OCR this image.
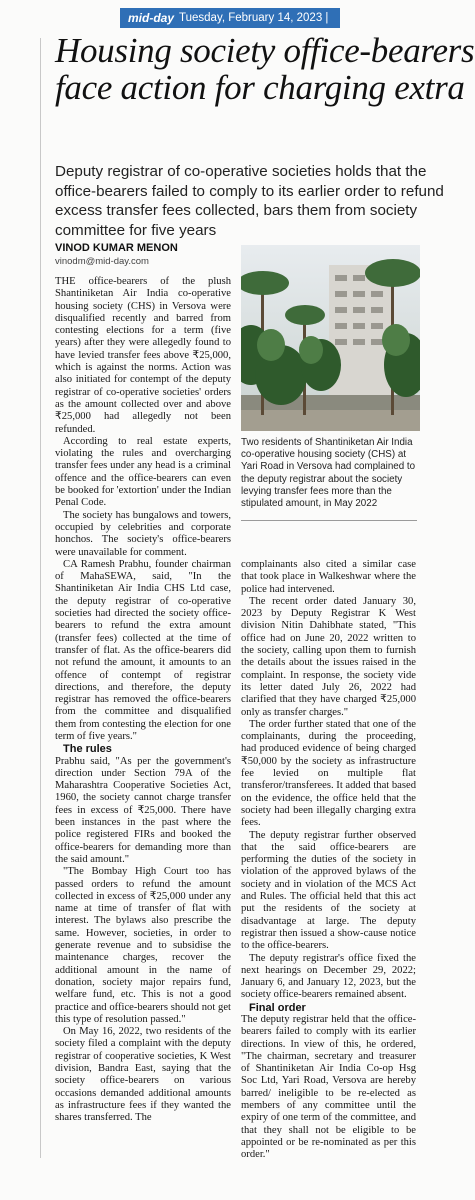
mid-day Tuesday, February 14, 2023 |
Housing society office-bearers face action for charging extra

Deputy registrar of co-operative societies holds that the office-bearers failed to comply to its earlier order to refund excess transfer fees collected, bars them from society committee for five years

VINOD KUMAR MENON
vinodm@mid-day.com

THE office-bearers of the plush Shantiniketan Air India co-operative housing society (CHS) in Versova were disqualified recently and barred from contesting elections for a term (five years) after they were allegedly found to have levied transfer fees above ₹25,000, which is against the norms. Action was also initiated for contempt of the deputy registrar of co-operative societies' orders as the amount collected over and above ₹25,000 had allegedly not been refunded.

According to real estate experts, violating the rules and overcharging transfer fees under any head is a criminal offence and the office-bearers can even be booked for 'extortion' under the Indian Penal Code.

The society has bungalows and towers, occupied by celebrities and corporate honchos. The society's office-bearers were unavailable for comment.

CA Ramesh Prabhu, founder chairman of MahaSEWA, said, "In the Shantiniketan Air India CHS Ltd case, the deputy registrar of co-operative societies had directed the society office-bearers to refund the extra amount (transfer fees) collected at the time of transfer of flat. As the office-bearers did not refund the amount, it amounts to an offence of contempt of registrar directions, and therefore, the deputy registrar has removed the office-bearers from the committee and disqualified them from contesting the election for one term of five years."

The rules

Prabhu said, "As per the government's direction under Section 79A of the Maharashtra Cooperative Societies Act, 1960, the society cannot charge transfer fees in excess of ₹25,000. There have been instances in the past where the police registered FIRs and booked the office-bearers for demanding more than the said amount."

"The Bombay High Court too has passed orders to refund the amount collected in excess of ₹25,000 under any name at time of transfer of flat with interest. The bylaws also prescribe the same. However, societies, in order to generate revenue and to subsidise the maintenance charges, recover the additional amount in the name of donation, society major repairs fund, welfare fund, etc. This is not a good practice and office-bearers should not get this type of resolution passed."

On May 16, 2022, two residents of the society filed a complaint with the deputy registrar of cooperative societies, K West division, Bandra East, saying that the society office-bearers on various occasions demanded additional amounts as infrastructure fees if they wanted the shares transferred. The

Two residents of Shantiniketan Air India co-operative housing society (CHS) at Yari Road in Versova had complained to the deputy registrar about the society levying transfer fees more than the stipulated amount, in May 2022

complainants also cited a similar case that took place in Walkeshwar where the police had intervened.

The recent order dated January 30, 2023 by Deputy Registrar K West division Nitin Dahibhate stated, "This office had on June 20, 2022 written to the society, calling upon them to furnish the details about the issues raised in the complaint. In response, the society vide its letter dated July 26, 2022 had clarified that they have charged ₹25,000 only as transfer charges."

The order further stated that one of the complainants, during the proceeding, had produced evidence of being charged ₹50,000 by the society as infrastructure fee levied on multiple flat transferor/transferees. It added that based on the evidence, the office held that the society had been illegally charging extra fees.

The deputy registrar further observed that the said office-bearers are performing the duties of the society in violation of the approved bylaws of the society and in violation of the MCS Act and Rules. The official held that this act put the residents of the society at disadvantage at large. The deputy registrar then issued a show-cause notice to the office-bearers.

The deputy registrar's office fixed the next hearings on December 29, 2022; January 6, and January 12, 2023, but the society office-bearers remained absent.

Final order

The deputy registrar held that the office-bearers failed to comply with its earlier directions. In view of this, he ordered, "The chairman, secretary and treasurer of Shantiniketan Air India Co-op Hsg Soc Ltd, Yari Road, Versova are hereby barred/ ineligible to be re-elected as members of any committee until the expiry of one term of the committee, and that they shall not be eligible to be appointed or be re-nominated as per this order."
